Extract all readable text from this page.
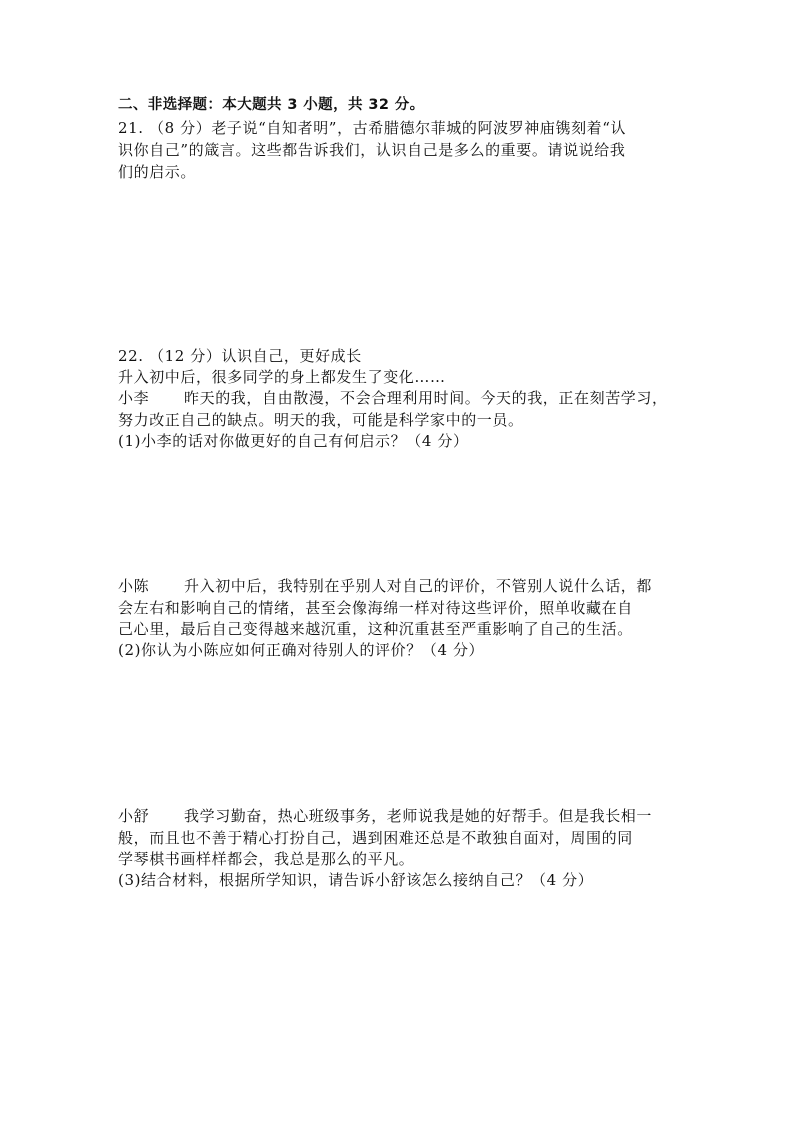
二、非选择题：本大题共 3 小题，共 32 分。
21. （8 分）老子说“自知者明”，古希腊德尔菲城的阿波罗神庙镌刻着“认
识你自己”的箴言。这些都告诉我们，认识自己是多么的重要。请说说给我
们的启示。
22. （12 分）认识自己，更好成长
升入初中后，很多同学的身上都发生了变化……
小李 昨天的我，自由散漫，不会合理利用时间。今天的我，正在刻苦学习，
努力改正自己的缺点。明天的我，可能是科学家中的一员。
(1)小李的话对你做更好的自己有何启示？（4 分）
小陈 升入初中后，我特别在乎别人对自己的评价，不管别人说什么话，都
会左右和影响自己的情绪，甚至会像海绵一样对待这些评价，照单收藏在自
己心里，最后自己变得越来越沉重，这种沉重甚至严重影响了自己的生活。
(2)你认为小陈应如何正确对待别人的评价？（4 分）
小舒 我学习勤奋，热心班级事务，老师说我是她的好帮手。但是我长相一
般，而且也不善于精心打扮自己，遇到困难还总是不敢独自面对，周围的同
学琴棋书画样样都会，我总是那么的平凡。
(3)结合材料，根据所学知识，请告诉小舒该怎么接纳自己？（4 分）
